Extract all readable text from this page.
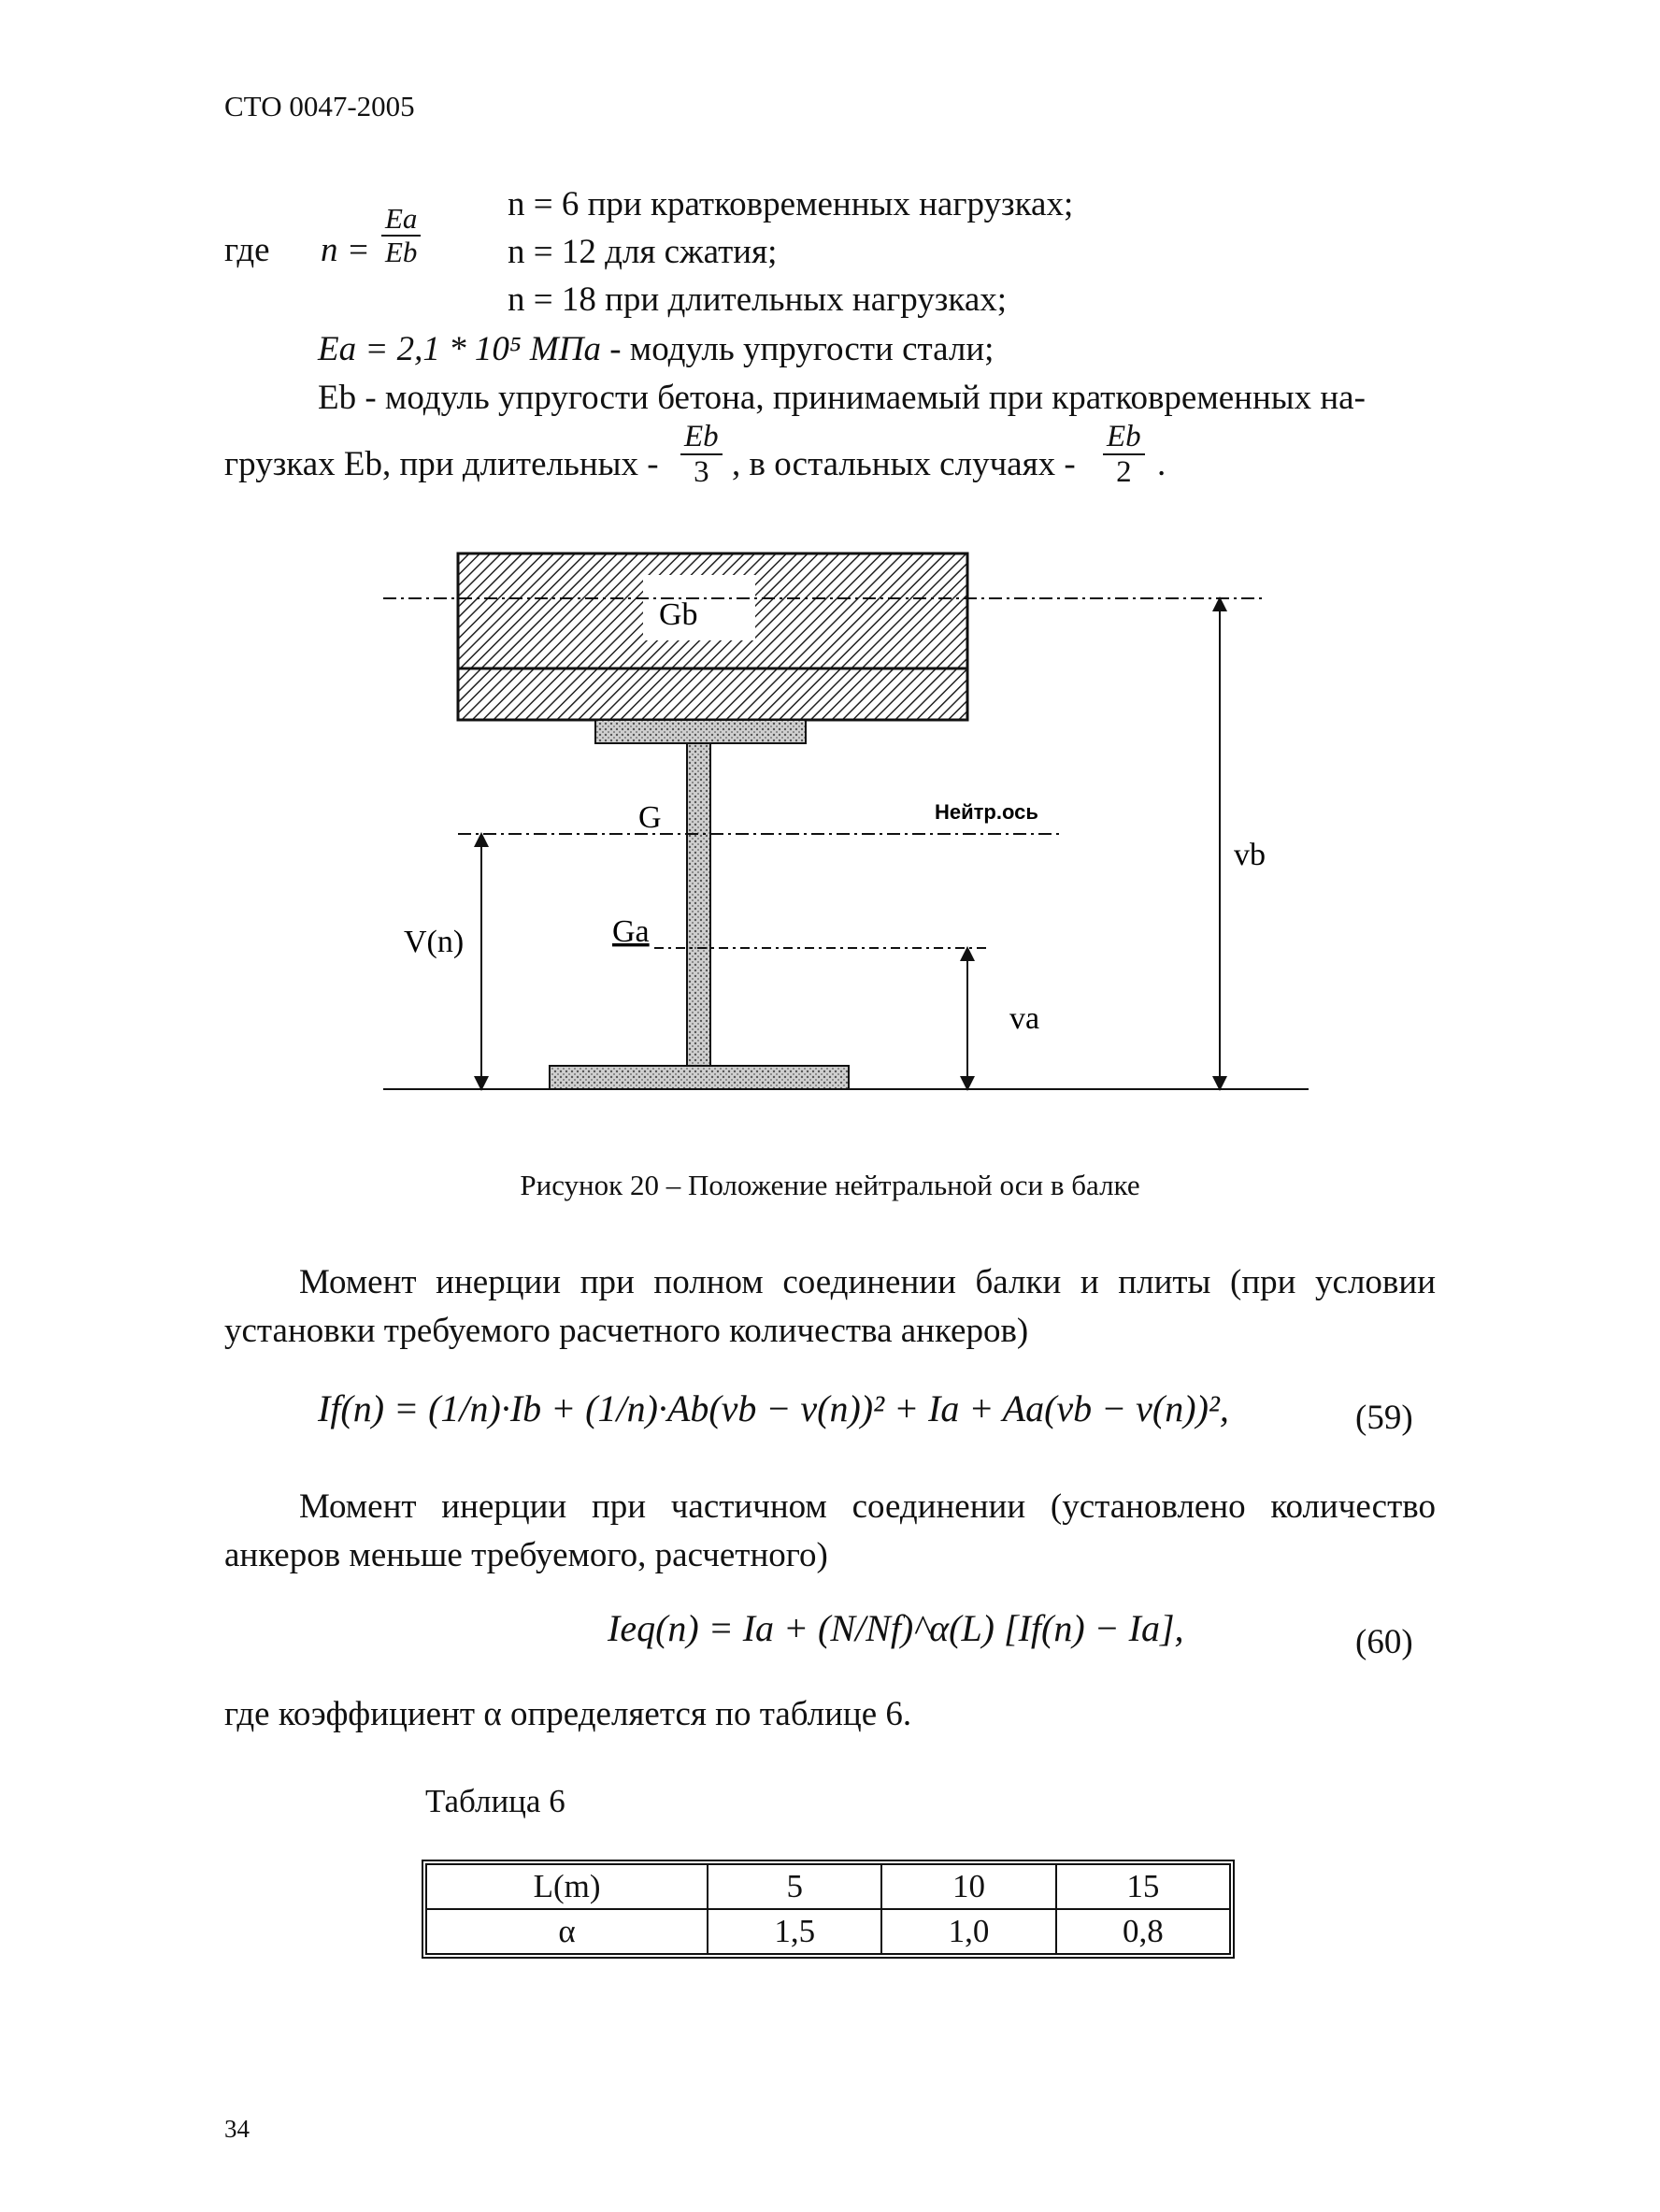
СТО 0047-2005
где $n = \frac{Ea}{Eb}$	n = 6 при кратковременных нагрузках;
n = 12 для сжатия;
n = 18 при длительных нагрузках;
Ea = 2,1 * 10⁵ МПа - модуль упругости стали;
Eb - модуль упругости бетона, принимаемый при кратковременных на-
грузках Eb, при длительных - $\frac{Eb}{3}$ , в остальных случаях - $\frac{Eb}{2}$ .
Gb
G	Нейтр.ось
V(n)	Ga
vb
va
Рисунок 20 – Положение нейтральной оси в балке
Момент инерции при полном соединении балки и плиты (при условии установки требуемого расчетного количества анкеров)
If(n) = (1/n)·Ib + (1/n)·Ab(vb − v(n))² + Ia + Aa(vb − v(n))²,	(59)
Момент инерции при частичном соединении (установлено количество анкеров меньше требуемого, расчетного)
Ieq(n) = Ia + (N/Nf)^α(L) [If(n) − Ia],	(60)
где коэффициент α определяется по таблице 6.
Таблица 6
L(m)	5	10	15
α	1,5	1,0	0,8
34
